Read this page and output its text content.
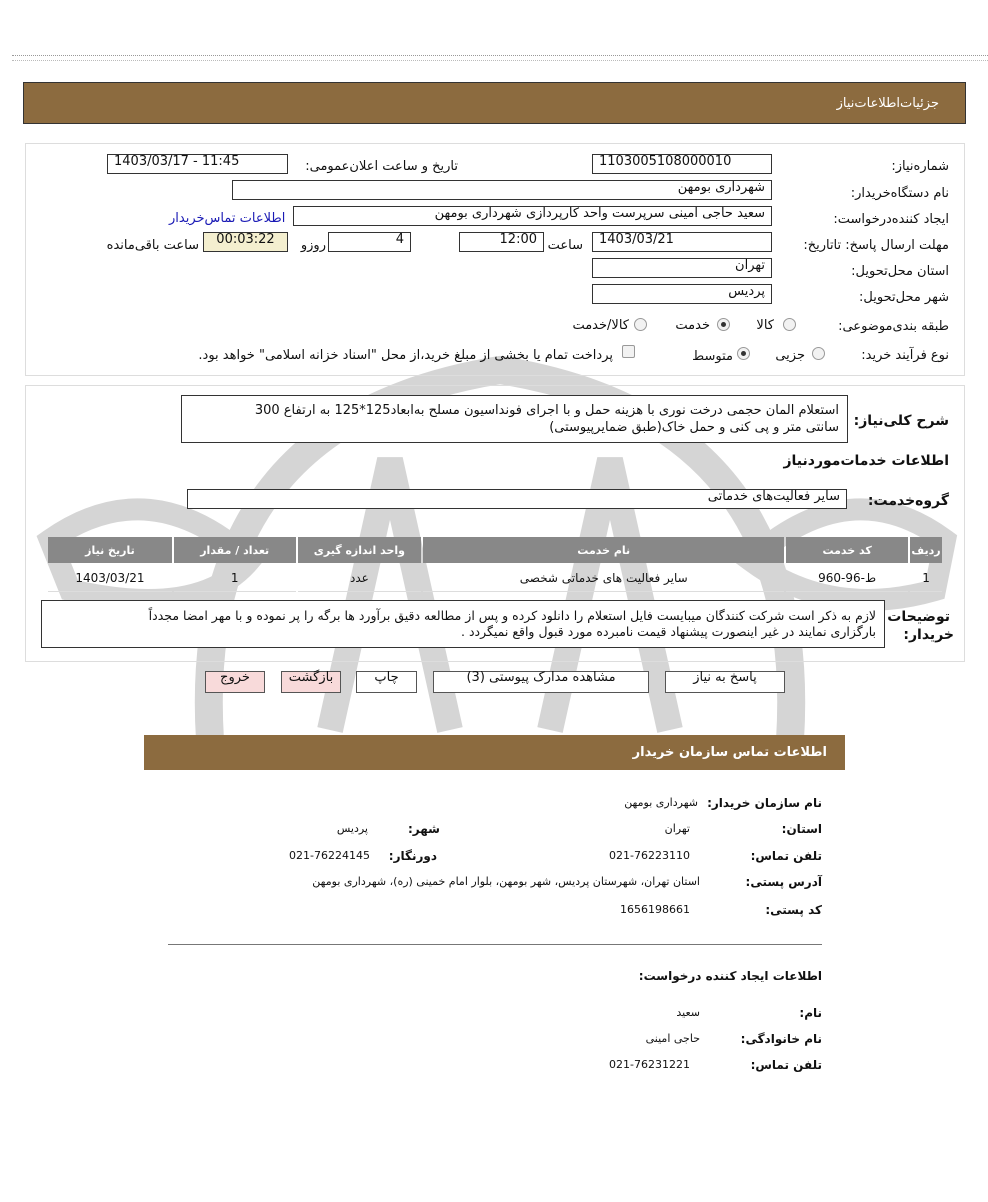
جزئیات‌اطلاعات‌نیاز
شماره‌نیاز:
1103005108000010
تاریخ و ساعت اعلان‌عمومی:
1403/03/17 - 11:45
نام دستگاه‌خریدار:
شهرداری بومهن
ایجاد کننده‌درخواست:
سعید حاجی امینی سرپرست واحد کارپردازی شهرداری بومهن
اطلاعات تماس‌خریدار
مهلت ارسال پاسخ: تاتاریخ:
1403/03/21
ساعت
12:00
4
روزو
00:03:22
ساعت باقی‌مانده
استان محل‌تحویل:
تهران
شهر محل‌تحویل:
پردیس
طبقه بندی‌موضوعی:
کالا
خدمت
کالا/خدمت
نوع فرآیند خرید:
جزیی
متوسط
پرداخت تمام یا بخشی از مبلغ خرید،از محل "اسناد خزانه اسلامی" خواهد بود.
شرح کلی‌نیاز:
استعلام المان حجمی درخت نوری با هزینه حمل و با اجرای فونداسیون مسلح به‌ابعاد125*125 به ارتفاع 300
سانتی متر و پی کنی و حمل خاک(طبق ضمایرپیوستی)
اطلاعات خدمات‌مورد‌نیاز
گروه‌خدمت:
سایر فعالیت‌های خدماتی
ردیف	کد خدمت	نام خدمت	واحد اندازه گیری	تعداد / مقدار	تاریخ نیاز
1	ط-96-960	سایر فعالیت های خدماتی شخصی	عدد	1	1403/03/21
توضیحات
خریدار:
لازم به ذکر است شرکت کنندگان میبایست فایل استعلام را دانلود کرده و پس از مطالعه دقیق برآورد ها برگه را پر نموده و با مهر امضا مجدداً
بارگزاری نمایند در غیر اینصورت پیشنهاد قیمت نامبرده مورد قبول واقع نمیگردد .
پاسخ به نیاز
مشاهده مدارک پیوستی (3)
چاپ
بازگشت
خروج
اطلاعات تماس سازمان خریدار
نام سازمان خریدار:
شهرداری بومهن
استان:
تهران
شهر:
پردیس
تلفن تماس:
021-76223110
دورنگار:
021-76224145
آدرس پستی:
استان تهران، شهرستان پردیس، شهر بومهن، بلوار امام خمینی (ره)، شهرداری بومهن
کد پستی:
1656198661
اطلاعات ایجاد کننده درخواست:
نام:
سعید
نام خانوادگی:
حاجی امینی
تلفن تماس:
021-76231221
